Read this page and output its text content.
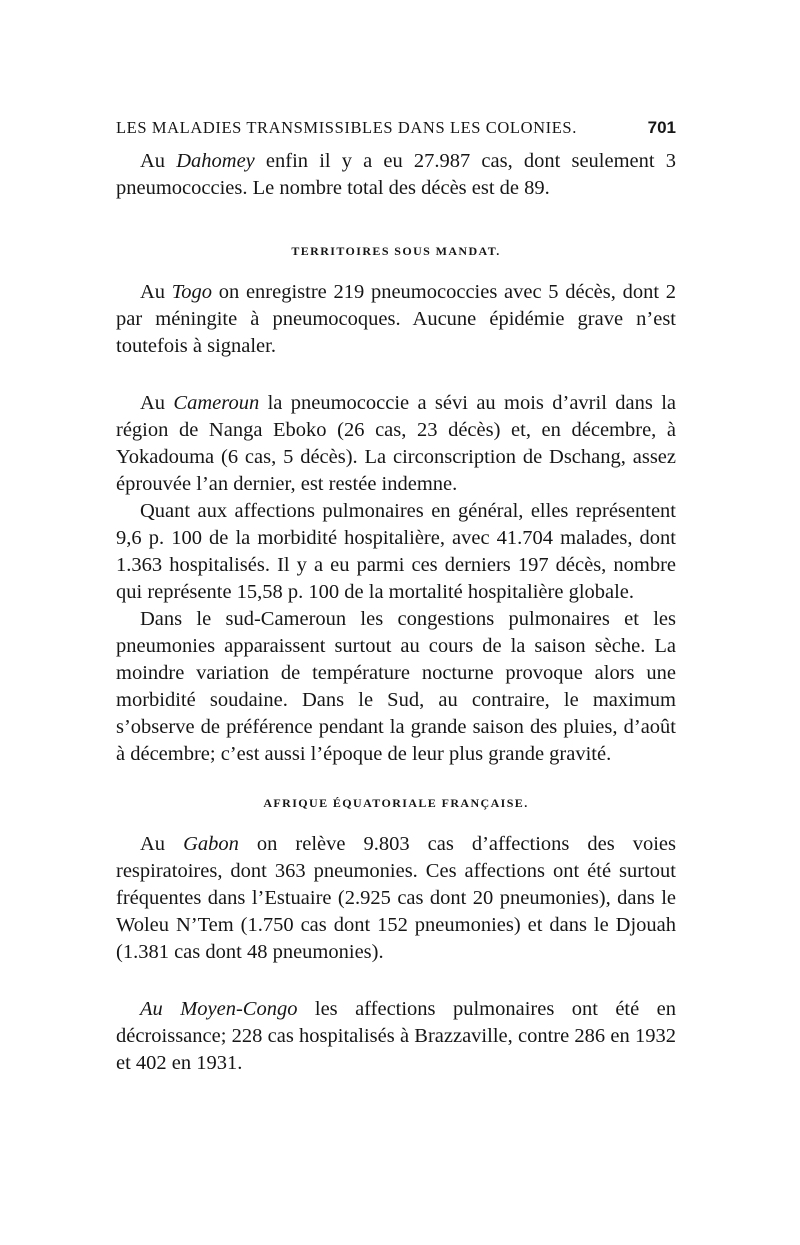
LES MALADIES TRANSMISSIBLES DANS LES COLONIES.	701

Au Dahomey enfin il y a eu 27.987 cas, dont seulement 3 pneumococcies. Le nombre total des décès est de 89.

TERRITOIRES SOUS MANDAT.

Au Togo on enregistre 219 pneumococcies avec 5 décès, dont 2 par méningite à pneumocoques. Aucune épidémie grave n’est toutefois à signaler.

Au Cameroun la pneumococcie a sévi au mois d’avril dans la région de Nanga Eboko (26 cas, 23 décès) et, en décembre, à Yokadouma (6 cas, 5 décès). La circonscription de Dschang, assez éprouvée l’an dernier, est restée indemne.

Quant aux affections pulmonaires en général, elles représentent 9,6 p. 100 de la morbidité hospitalière, avec 41.704 malades, dont 1.363 hospitalisés. Il y a eu parmi ces derniers 197 décès, nombre qui représente 15,58 p. 100 de la mortalité hospitalière globale.

Dans le sud-Cameroun les congestions pulmonaires et les pneumonies apparaissent surtout au cours de la saison sèche. La moindre variation de température nocturne provoque alors une morbidité soudaine. Dans le Sud, au contraire, le maximum s’observe de préférence pendant la grande saison des pluies, d’août à décembre; c’est aussi l’époque de leur plus grande gravité.

AFRIQUE ÉQUATORIALE FRANÇAISE.

Au Gabon on relève 9.803 cas d’affections des voies respiratoires, dont 363 pneumonies. Ces affections ont été surtout fréquentes dans l’Estuaire (2.925 cas dont 20 pneumonies), dans le Woleu N’Tem (1.750 cas dont 152 pneumonies) et dans le Djouah (1.381 cas dont 48 pneumonies).

Au Moyen-Congo les affections pulmonaires ont été en décroissance; 228 cas hospitalisés à Brazzaville, contre 286 en 1932 et 402 en 1931.
